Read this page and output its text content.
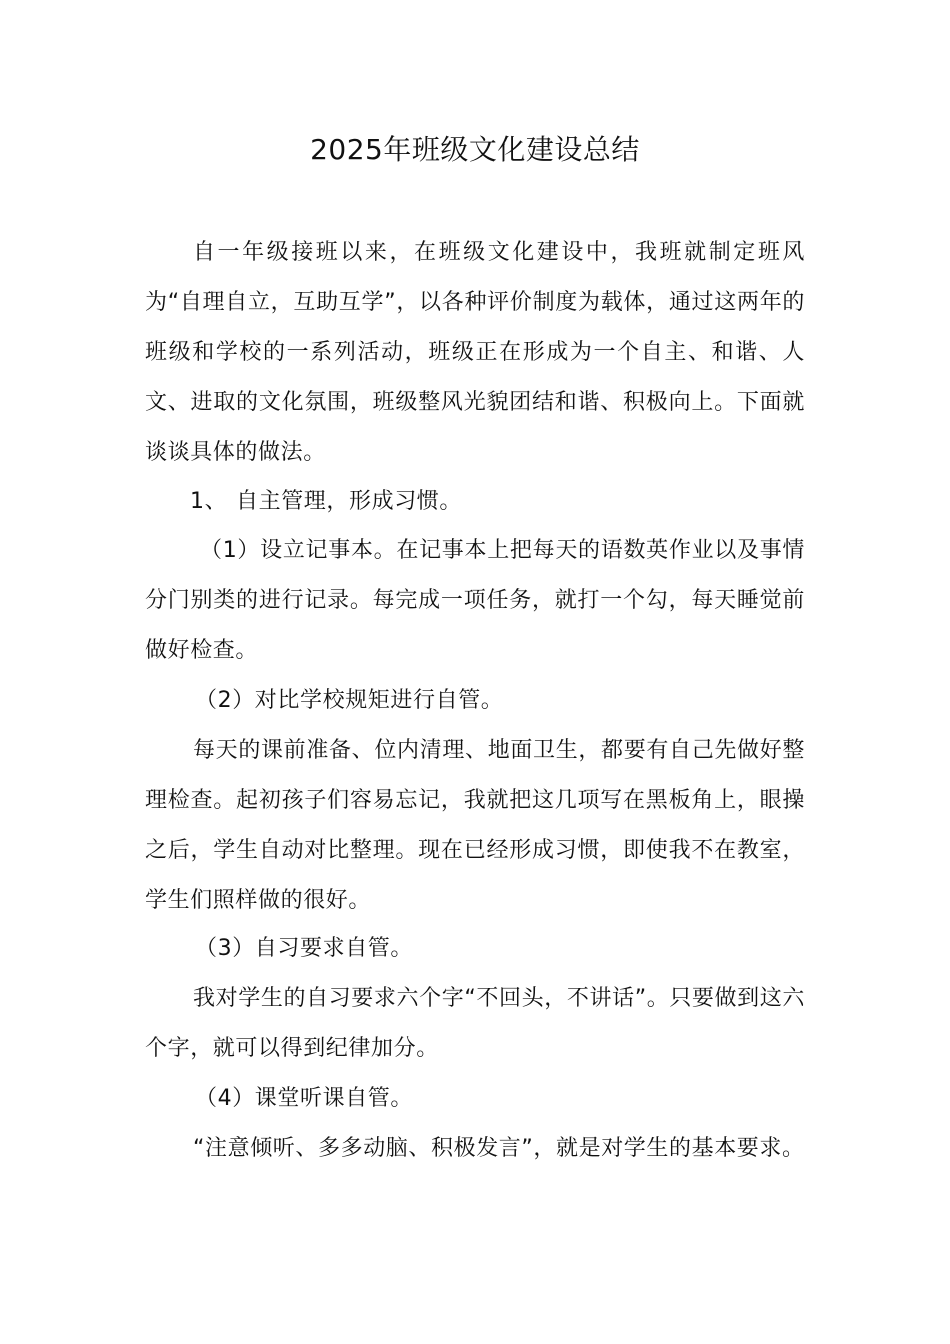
2025年班级文化建设总结

自一年级接班以来，在班级文化建设中，我班就制定班风为“自理自立，互助互学”，以各种评价制度为载体，通过这两年的班级和学校的一系列活动，班级正在形成为一个自主、和谐、人文、进取的文化氛围，班级整风光貌团结和谐、积极向上。下面就谈谈具体的做法。

1、 自主管理，形成习惯。

（1）设立记事本。在记事本上把每天的语数英作业以及事情分门别类的进行记录。每完成一项任务，就打一个勾，每天睡觉前做好检查。

（2）对比学校规矩进行自管。

每天的课前准备、位内清理、地面卫生，都要有自己先做好整理检查。起初孩子们容易忘记，我就把这几项写在黑板角上，眼操之后，学生自动对比整理。现在已经形成习惯，即使我不在教室，学生们照样做的很好。

（3）自习要求自管。

我对学生的自习要求六个字“不回头，不讲话”。只要做到这六个字，就可以得到纪律加分。

（4）课堂听课自管。

“注意倾听、多多动脑、积极发言”，就是对学生的基本要求。
